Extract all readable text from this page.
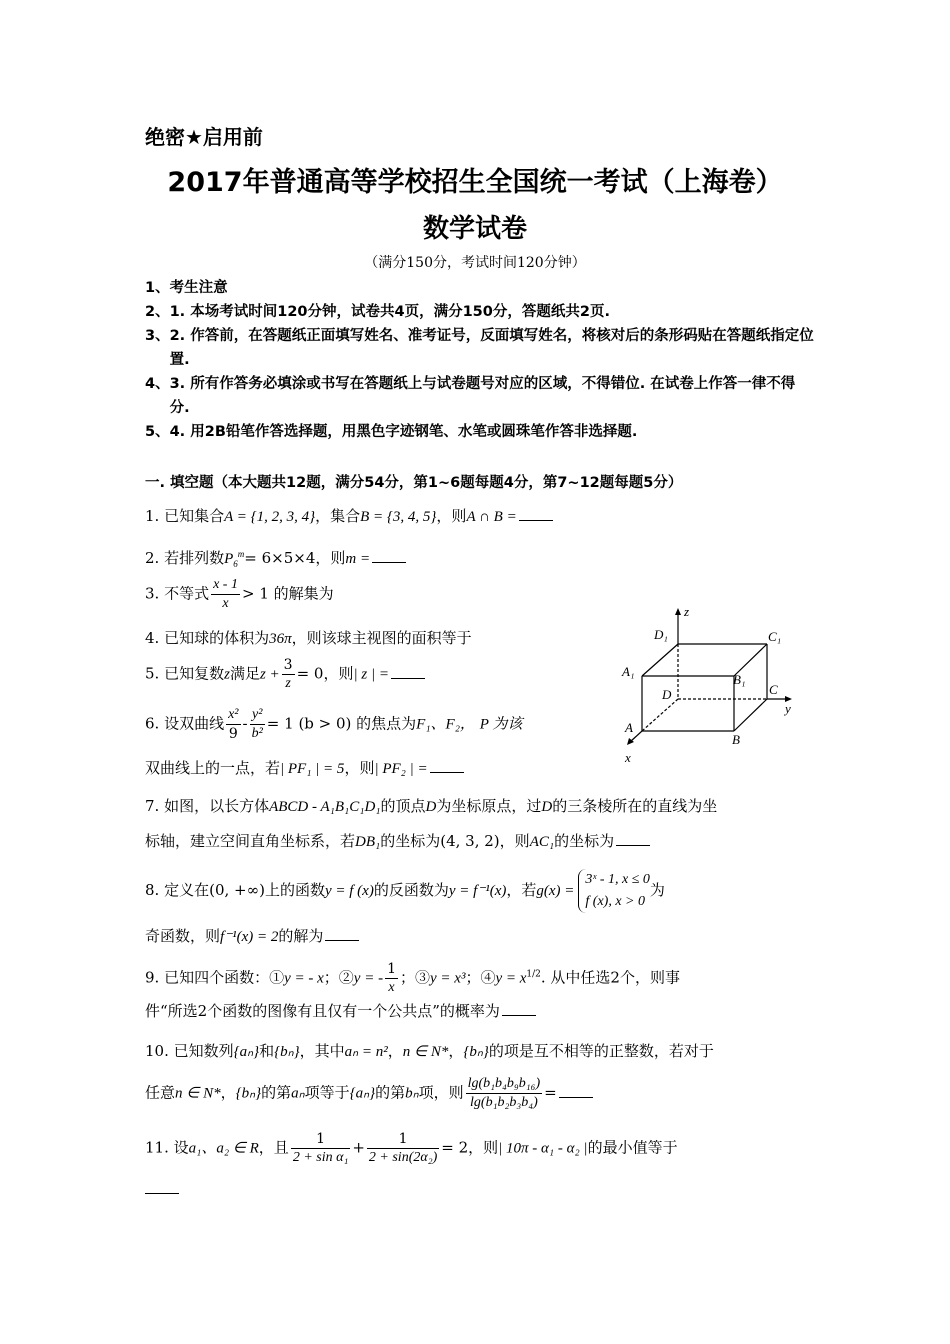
绝密★启用前
2017年普通高等学校招生全国统一考试（上海卷）
数学试卷
（满分150分，考试时间120分钟）
1、 考生注意
2、 1. 本场考试时间120分钟，试卷共4页，满分150分，答题纸共2页.
3、 2. 作答前，在答题纸正面填写姓名、准考证号，反面填写姓名，将核对后的条形码贴在答题纸指定位置.
4、 3. 所有作答务必填涂或书写在答题纸上与试卷题号对应的区域，不得错位. 在试卷上作答一律不得分.
5、 4. 用2B铅笔作答选择题，用黑色字迹钢笔、水笔或圆珠笔作答非选择题.
一. 填空题（本大题共12题，满分54分，第1~6题每题4分，第7~12题每题5分）
1. 已知集合A = {1, 2, 3, 4}，集合B = {3, 4, 5}，则A ∩ B =
2. 若排列数$P_6^m= 6\times 5\times 4$，则m =
3. 不等式 $\frac{x - 1}{x} > 1$ 的解集为
4. 已知球的体积为36π，则该球主视图的面积等于
5. 已知复数z满足$z + \frac{3}{z} = 0$，则| z | =
6. 设双曲线 $\frac{\text{x²}}{9} - \frac{\text{y²}}{\text{b²}} = 1$ (b > 0) 的焦点为F₁、F₂， P 为该
双曲线上的一点，若| PF₁ | = 5，则| PF₂ | =
7. 如图，以长方体ABCD - A₁B₁C₁D₁的顶点D为坐标原点，过D的三条棱所在的直线为坐
标轴，建立空间直角坐标系，若DB₁的坐标为(4, 3, 2)，则AC₁的坐标为
8. 定义在(0, +∞)上的函数y = f (x)的反函数为y = f⁻¹(x)，若g(x) =
3ˣ - 1, x ≤ 0
f (x), x > 0
为
奇函数，则f⁻¹(x) = 2的解为
9. 已知四个函数：①y = - x；②y = - $\frac{1}{x}$ ；③y = x³；④y = $x^{1/2}$. 从中任选2个，则事
件“所选2个函数的图像有且仅有一个公共点”的概率为
10. 已知数列{aₙ}和{bₙ}，其中aₙ = n²，n ∈ N*，{bₙ}的项是互不相等的正整数，若对于
任意n ∈ N*，{bₙ}的第aₙ项等于{aₙ}的第bₙ项，则 $\frac{\text{lg(b₁b₄b₉b₁₆)}}{\text{lg(b₁b₂b₃b₄)}}$ =
11. 设a₁、a₂ ∈ R，且 $\frac{1}{\text{2 + sin α₁}} + \frac{1}{\text{2 + sin(2α₂)}} = 2$，则| 10π - α₁ - α₂ |的最小值等于
z
D₁	C₁
A₁
B₁
D	C
y
A
B
x
